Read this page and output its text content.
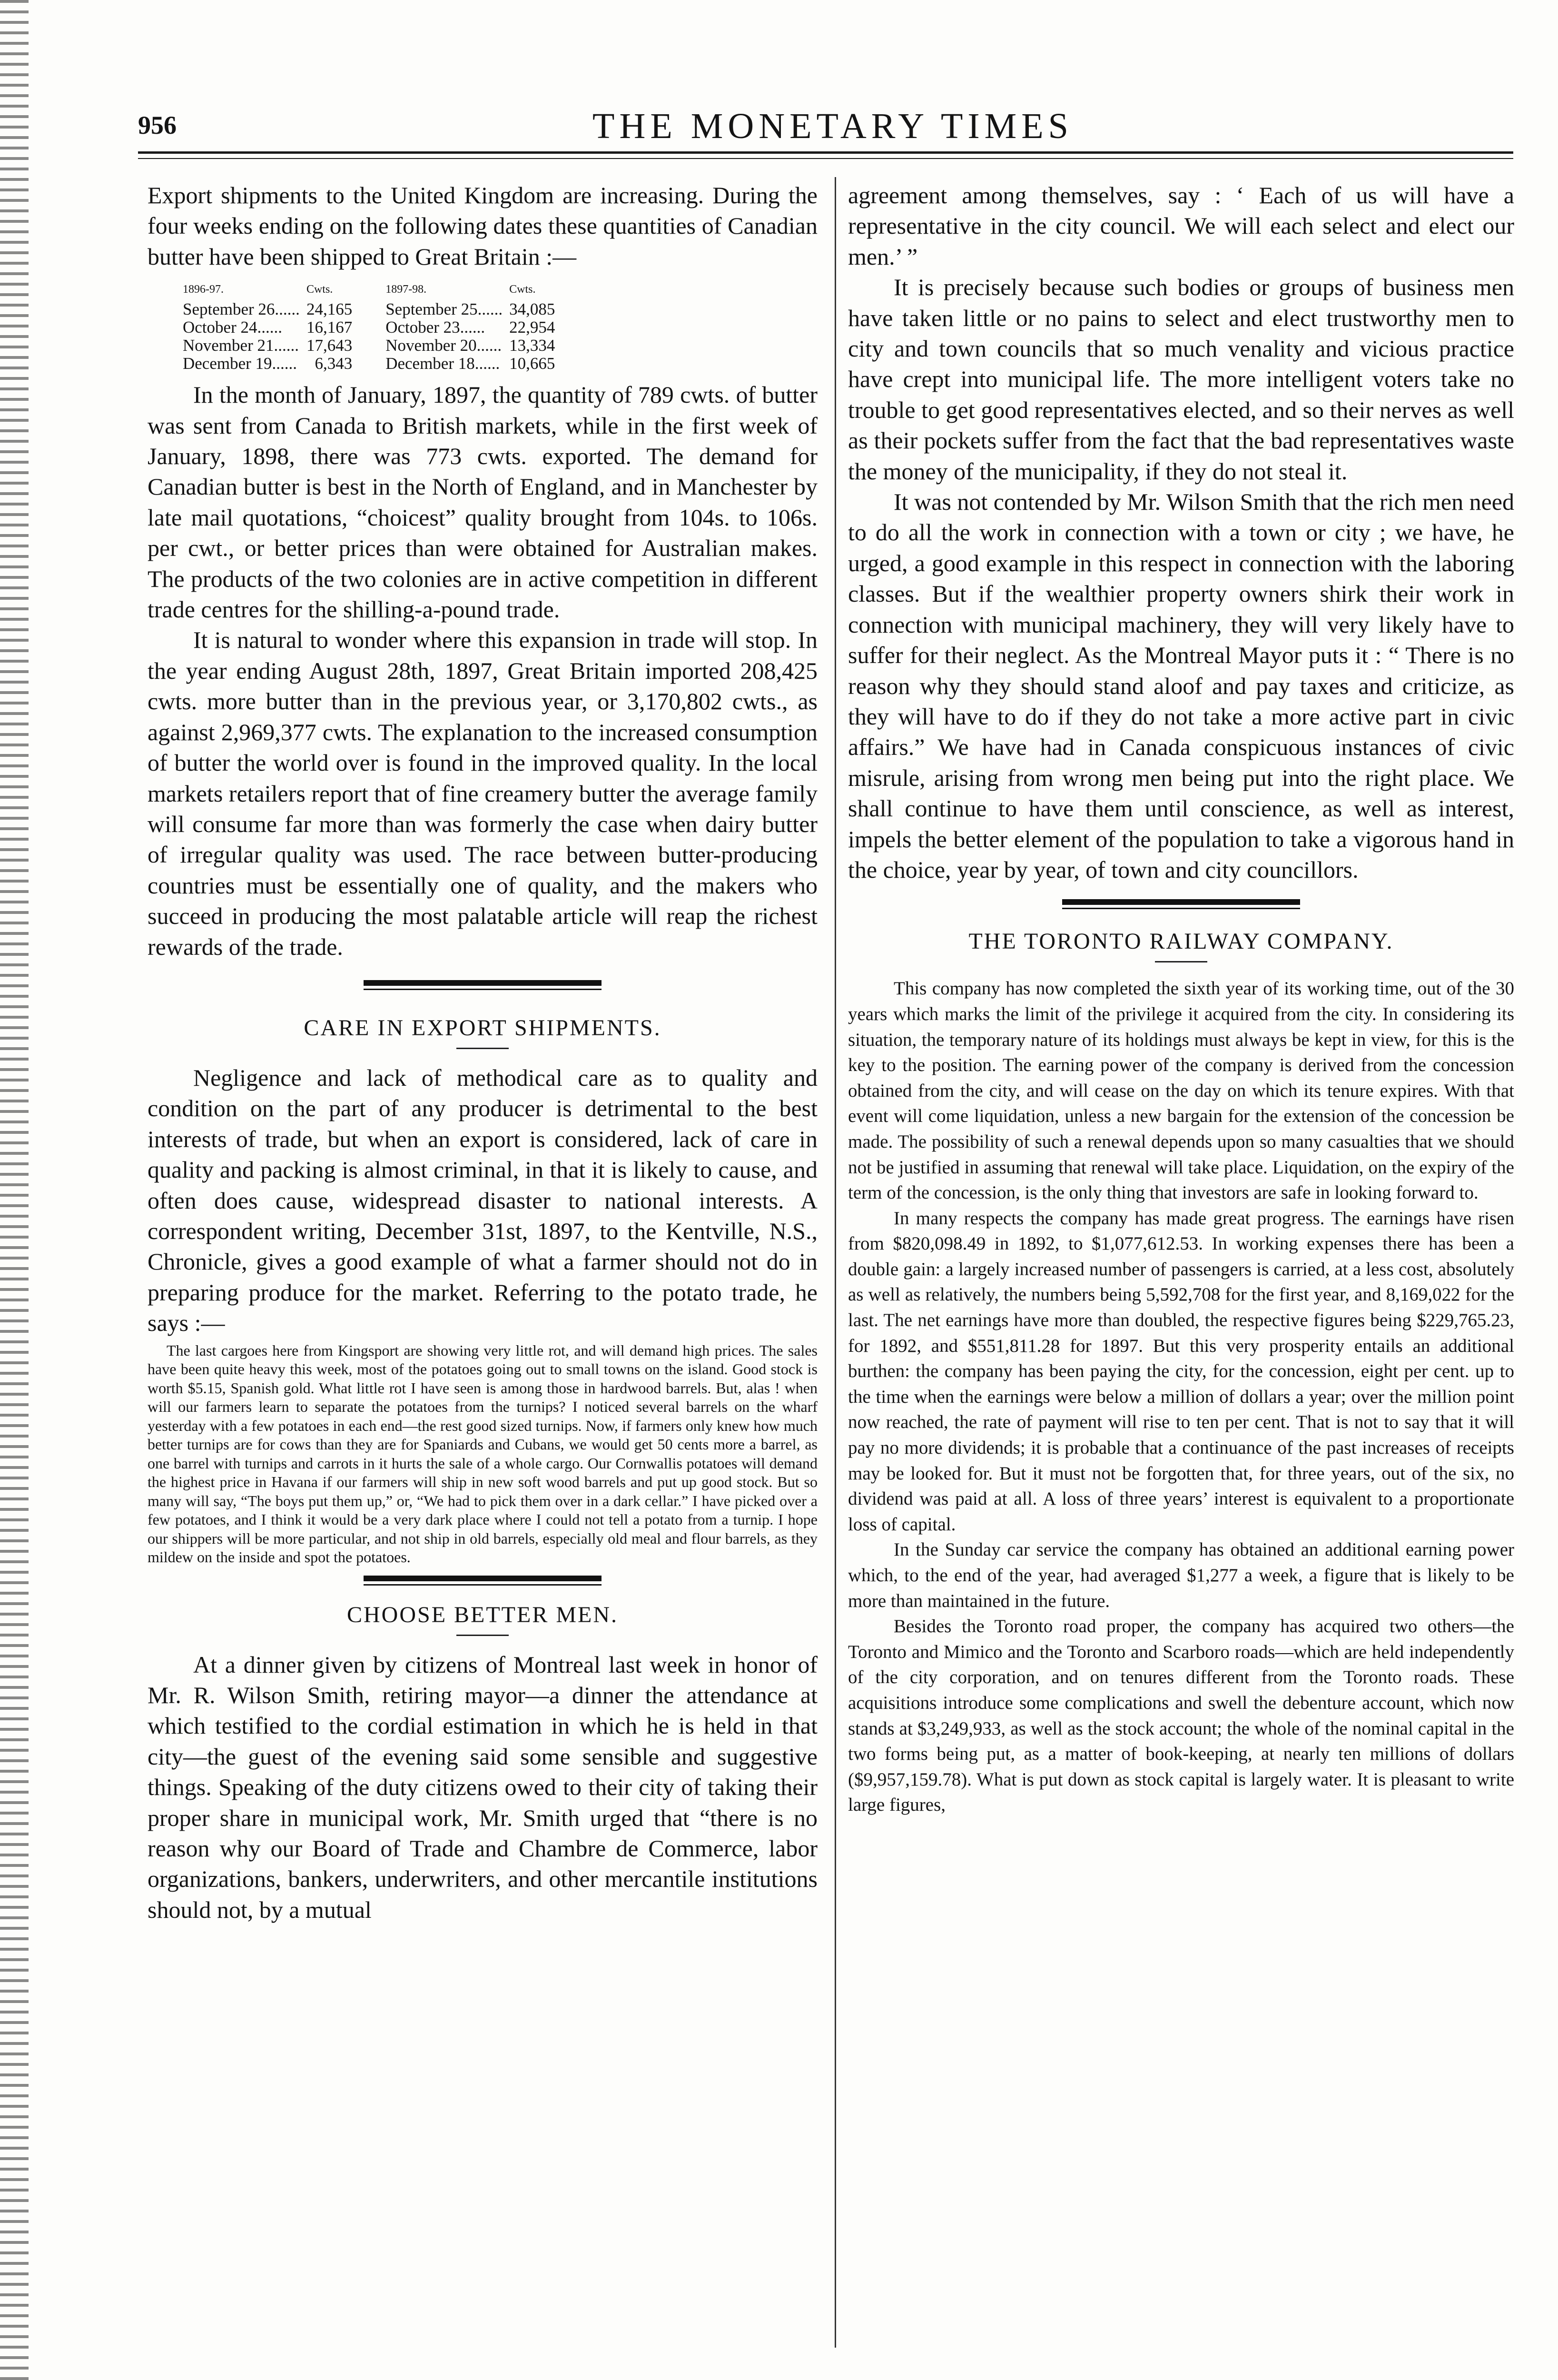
956	THE MONETARY TIMES

Export shipments to the United Kingdom are increasing. During the four weeks ending on the following dates these quantities of Canadian butter have been shipped to Great Britain :—

1896-97.	Cwts.	1897-98.	Cwts.
September 26......	24,165	September 25......	34,085
October 24......	16,167	October 23......	22,954
November 21......	17,643	November 20......	13,334
December 19......	6,343	December 18......	10,665

In the month of January, 1897, the quantity of 789 cwts. of butter was sent from Canada to British markets, while in the first week of January, 1898, there was 773 cwts. exported. The demand for Canadian butter is best in the North of England, and in Manchester by late mail quotations, “choicest” quality brought from 104s. to 106s. per cwt., or better prices than were obtained for Australian makes. The products of the two colonies are in active competition in different trade centres for the shilling-a-pound trade.

It is natural to wonder where this expansion in trade will stop. In the year ending August 28th, 1897, Great Britain imported 208,425 cwts. more butter than in the previous year, or 3,170,802 cwts., as against 2,969,377 cwts. The explanation to the increased consumption of butter the world over is found in the improved quality. In the local markets retailers report that of fine creamery butter the average family will consume far more than was formerly the case when dairy butter of irregular quality was used. The race between butter-producing countries must be essentially one of quality, and the makers who succeed in producing the most palatable article will reap the richest rewards of the trade.

CARE IN EXPORT SHIPMENTS.

Negligence and lack of methodical care as to quality and condition on the part of any producer is detrimental to the best interests of trade, but when an export is considered, lack of care in quality and packing is almost criminal, in that it is likely to cause, and often does cause, widespread disaster to national interests. A correspondent writing, December 31st, 1897, to the Kentville, N.S., Chronicle, gives a good example of what a farmer should not do in preparing produce for the market. Referring to the potato trade, he says :—

The last cargoes here from Kingsport are showing very little rot, and will demand high prices. The sales have been quite heavy this week, most of the potatoes going out to small towns on the island. Good stock is worth $5.15, Spanish gold. What little rot I have seen is among those in hardwood barrels. But, alas ! when will our farmers learn to separate the potatoes from the turnips? I noticed several barrels on the wharf yesterday with a few potatoes in each end—the rest good sized turnips. Now, if farmers only knew how much better turnips are for cows than they are for Spaniards and Cubans, we would get 50 cents more a barrel, as one barrel with turnips and carrots in it hurts the sale of a whole cargo. Our Cornwallis potatoes will demand the highest price in Havana if our farmers will ship in new soft wood barrels and put up good stock. But so many will say, “The boys put them up,” or, “We had to pick them over in a dark cellar.” I have picked over a few potatoes, and I think it would be a very dark place where I could not tell a potato from a turnip. I hope our shippers will be more particular, and not ship in old barrels, especially old meal and flour barrels, as they mildew on the inside and spot the potatoes.

CHOOSE BETTER MEN.

At a dinner given by citizens of Montreal last week in honor of Mr. R. Wilson Smith, retiring mayor—a dinner the attendance at which testified to the cordial estimation in which he is held in that city—the guest of the evening said some sensible and suggestive things. Speaking of the duty citizens owed to their city of taking their proper share in municipal work, Mr. Smith urged that “there is no reason why our Board of Trade and Chambre de Commerce, labor organizations, bankers, underwriters, and other mercantile institutions should not, by a mutual

agreement among themselves, say : ‘ Each of us will have a representative in the city council. We will each select and elect our men.’ ”

It is precisely because such bodies or groups of business men have taken little or no pains to select and elect trustworthy men to city and town councils that so much venality and vicious practice have crept into municipal life. The more intelligent voters take no trouble to get good representatives elected, and so their nerves as well as their pockets suffer from the fact that the bad representatives waste the money of the municipality, if they do not steal it.

It was not contended by Mr. Wilson Smith that the rich men need to do all the work in connection with a town or city ; we have, he urged, a good example in this respect in connection with the laboring classes. But if the wealthier property owners shirk their work in connection with municipal machinery, they will very likely have to suffer for their neglect. As the Montreal Mayor puts it : “ There is no reason why they should stand aloof and pay taxes and criticize, as they will have to do if they do not take a more active part in civic affairs.” We have had in Canada conspicuous instances of civic misrule, arising from wrong men being put into the right place. We shall continue to have them until conscience, as well as interest, impels the better element of the population to take a vigorous hand in the choice, year by year, of town and city councillors.

THE TORONTO RAILWAY COMPANY.

This company has now completed the sixth year of its working time, out of the 30 years which marks the limit of the privilege it acquired from the city. In considering its situation, the temporary nature of its holdings must always be kept in view, for this is the key to the position. The earning power of the company is derived from the concession obtained from the city, and will cease on the day on which its tenure expires. With that event will come liquidation, unless a new bargain for the extension of the concession be made. The possibility of such a renewal depends upon so many casualties that we should not be justified in assuming that renewal will take place. Liquidation, on the expiry of the term of the concession, is the only thing that investors are safe in looking forward to.

In many respects the company has made great progress. The earnings have risen from $820,098.49 in 1892, to $1,077,612.53. In working expenses there has been a double gain: a largely increased number of passengers is carried, at a less cost, absolutely as well as relatively, the numbers being 5,592,708 for the first year, and 8,169,022 for the last. The net earnings have more than doubled, the respective figures being $229,765.23, for 1892, and $551,811.28 for 1897. But this very prosperity entails an additional burthen: the company has been paying the city, for the concession, eight per cent. up to the time when the earnings were below a million of dollars a year; over the million point now reached, the rate of payment will rise to ten per cent. That is not to say that it will pay no more dividends; it is probable that a continuance of the past increases of receipts may be looked for. But it must not be forgotten that, for three years, out of the six, no dividend was paid at all. A loss of three years’ interest is equivalent to a proportionate loss of capital.

In the Sunday car service the company has obtained an additional earning power which, to the end of the year, had averaged $1,277 a week, a figure that is likely to be more than maintained in the future.

Besides the Toronto road proper, the company has acquired two others—the Toronto and Mimico and the Toronto and Scarboro roads—which are held independently of the city corporation, and on tenures different from the Toronto roads. These acquisitions introduce some complications and swell the debenture account, which now stands at $3,249,933, as well as the stock account; the whole of the nominal capital in the two forms being put, as a matter of book-keeping, at nearly ten millions of dollars ($9,957,159.78). What is put down as stock capital is largely water. It is pleasant to write large figures,
